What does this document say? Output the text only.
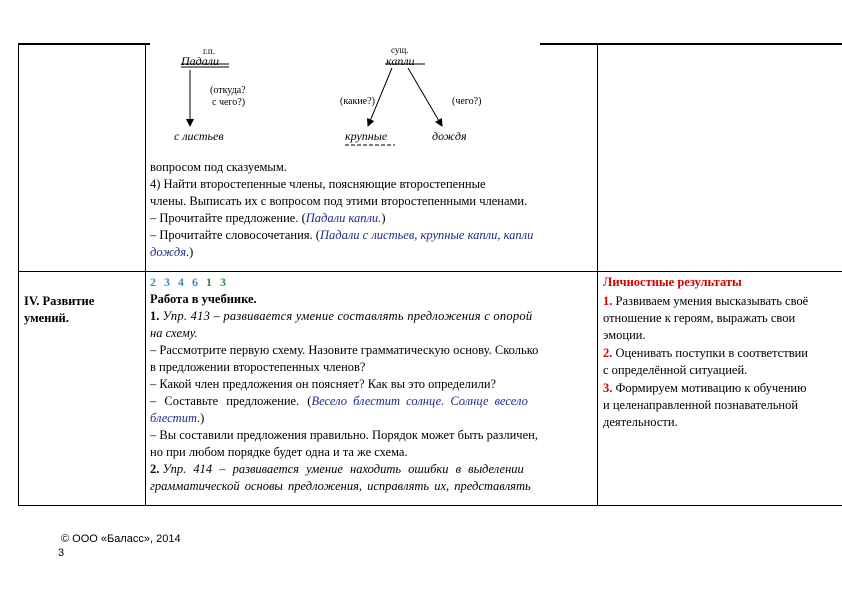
г.п.
Падали
(откуда?
с чего?)
с листьев
сущ.
капли
(какие?)	(чего?)
крупные	дождя
вопросом под сказуемым.
4) Найти второстепенные члены, поясняющие второстепенные
члены. Выписать их с вопросом под этими второстепенными членами.
– Прочитайте предложение. (Падали капли.)
– Прочитайте словосочетания. (Падали с листьев, крупные капли, капли
дождя.)
IV. Развитие умений.
2 3 4 6 1 3
Работа в учебнике.
1. Упр. 413 – развивается умение составлять предложения с опорой
на схему.
– Рассмотрите первую схему. Назовите грамматическую основу. Сколько
в предложении второстепенных членов?
– Какой член предложения он поясняет? Как вы это определили?
– Составьте предложение. (Весело блестит солнце. Солнце весело
блестит.)
– Вы составили предложения правильно. Порядок может быть различен,
но при любом порядке будет одна и та же схема.
2. Упр. 414 – развивается умение находить ошибки в выделении
грамматической основы предложения, исправлять их, представлять
Личностные результаты
1. Развиваем умения высказывать своё
отношение к героям, выражать свои
эмоции.
2. Оценивать поступки в соответствии
с определённой ситуацией.
3. Формируем мотивацию к обучению
и целенаправленной познавательной
деятельности.
© ООО «Баласс», 2014
3
